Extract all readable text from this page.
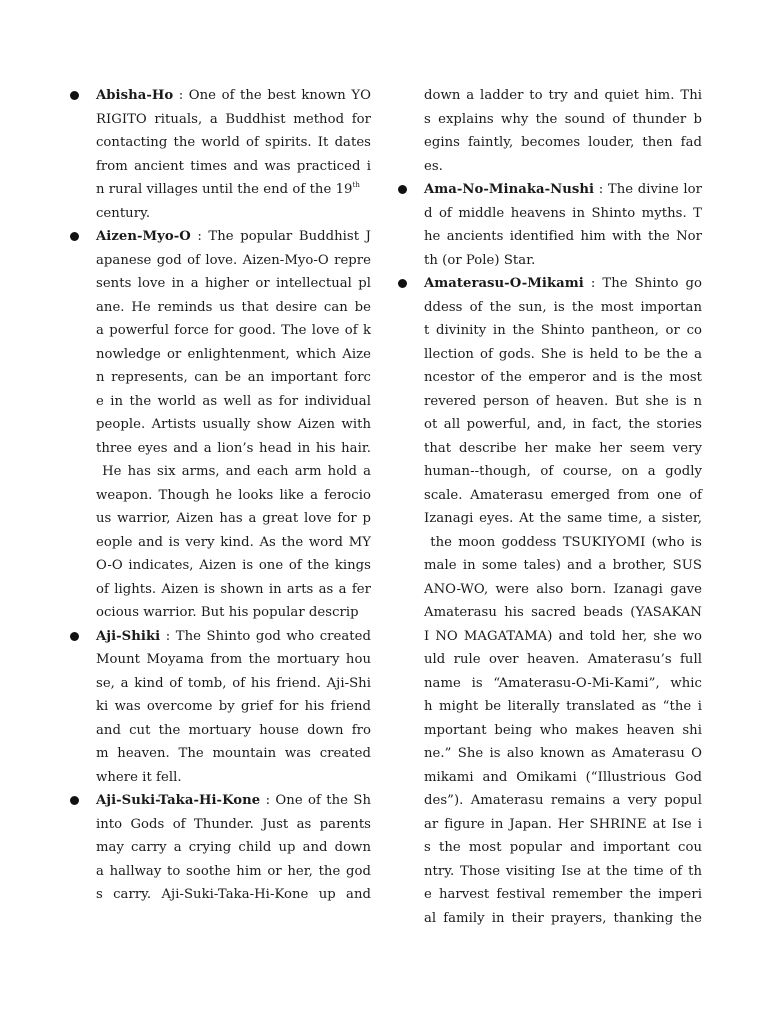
Abisha-Ho : One of the best known YO
RIGITO rituals, a Buddhist method for
contacting the world of spirits. It dates
from ancient times and was practiced i
n rural villages until the end of the 19th
century.
Aizen-Myo-O : The popular Buddhist J
apanese god of love. Aizen-Myo-O repre
sents love in a higher or intellectual pl
ane. He reminds us that desire can be
a powerful force for good. The love of k
nowledge or enlightenment, which Aize
n represents, can be an important forc
e in the world as well as for individual
people. Artists usually show Aizen with
three eyes and a lion’s head in his hair.
He has six arms, and each arm hold a
weapon. Though he looks like a ferocio
us warrior, Aizen has a great love for p
eople and is very kind. As the word MY
O-O indicates, Aizen is one of the kings
of lights. Aizen is shown in arts as a fer
ocious warrior. But his popular descrip
Aji-Shiki : The Shinto god who created
Mount Moyama from the mortuary hou
se, a kind of tomb, of his friend. Aji-Shi
ki was overcome by grief for his friend
and cut the mortuary house down fro
m heaven. The mountain was created
where it fell.
Aji-Suki-Taka-Hi-Kone : One of the Sh
into Gods of Thunder. Just as parents
may carry a crying child up and down
a hallway to soothe him or her, the god
s carry. Aji-Suki-Taka-Hi-Kone up and
down a ladder to try and quiet him. Thi
s explains why the sound of thunder b
egins faintly, becomes louder, then fad
es.
Ama-No-Minaka-Nushi : The divine lor
d of middle heavens in Shinto myths. T
he ancients identified him with the Nor
th (or Pole) Star.
Amaterasu-O-Mikami : The Shinto go
ddess of the sun, is the most importan
t divinity in the Shinto pantheon, or co
llection of gods. She is held to be the a
ncestor of the emperor and is the most
revered person of heaven. But she is n
ot all powerful, and, in fact, the stories
that describe her make her seem very
human--though, of course, on a godly
scale. Amaterasu emerged from one of
Izanagi eyes. At the same time, a sister,
the moon goddess TSUKIYOMI (who is
male in some tales) and a brother, SUS
ANO-WO, were also born. Izanagi gave
Amaterasu his sacred beads (YASAKAN
I NO MAGATAMA) and told her, she wo
uld rule over heaven. Amaterasu’s full
name is “Amaterasu-O-Mi-Kami”, whic
h might be literally translated as “the i
mportant being who makes heaven shi
ne.” She is also known as Amaterasu O
mikami and Omikami (“Illustrious God
des”). Amaterasu remains a very popul
ar figure in Japan. Her SHRINE at Ise i
s the most popular and important cou
ntry. Those visiting Ise at the time of th
e harvest festival remember the imperi
al family in their prayers, thanking the
